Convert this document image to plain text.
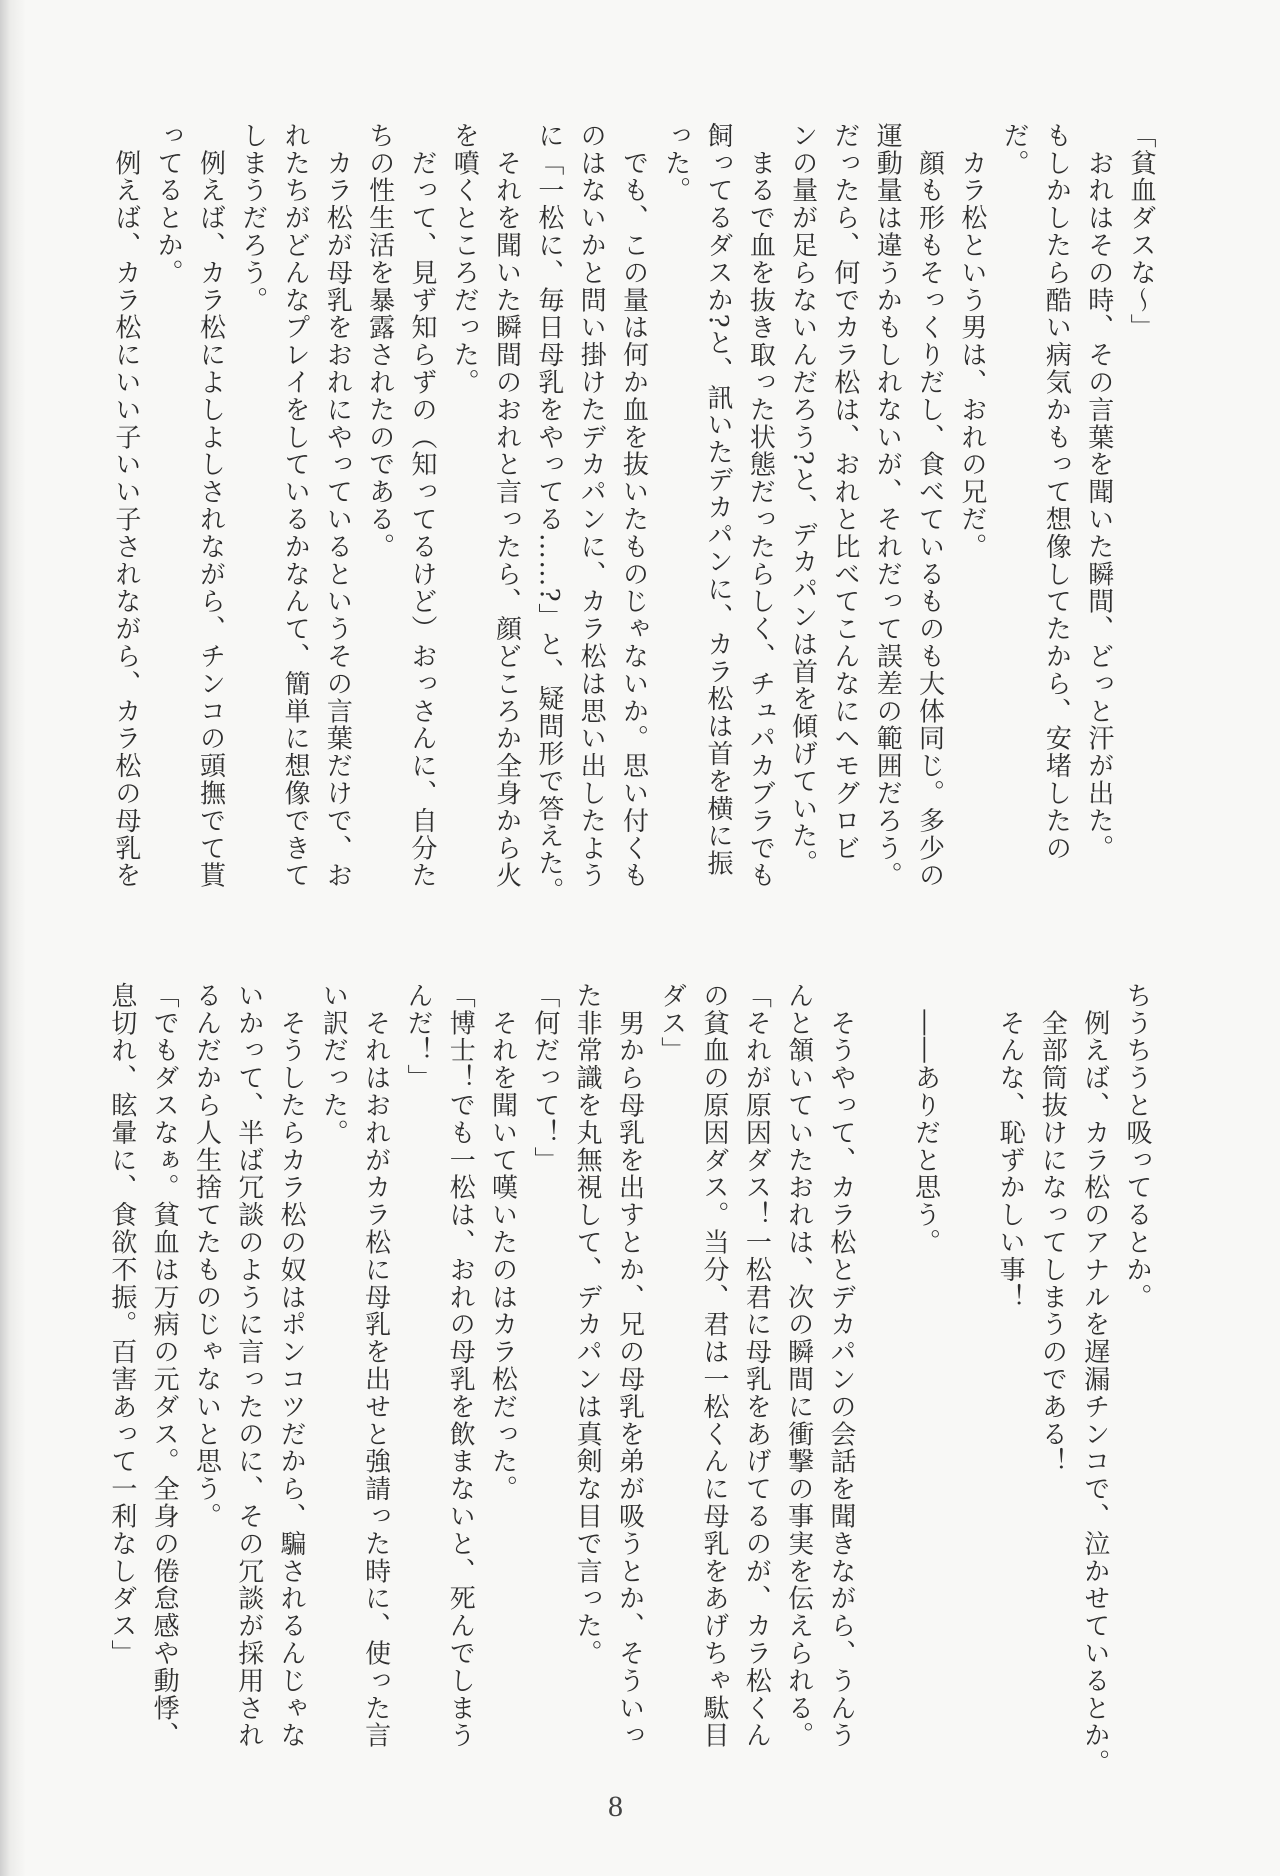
「貧血ダスな～」
　おれはその時、その言葉を聞いた瞬間、どっと汗が出た。
もしかしたら酷い病気かもって想像してたから、安堵したの
だ。
　カラ松という男は、おれの兄だ。
　顔も形もそっくりだし、食べているものも大体同じ。多少の
運動量は違うかもしれないが、それだって誤差の範囲だろう。
だったら、何でカラ松は、おれと比べてこんなにヘモグロビ
ンの量が足らないんだろう?と、デカパンは首を傾げていた。
　まるで血を抜き取った状態だったらしく、チュパカブラでも
飼ってるダスか?と、訊いたデカパンに、カラ松は首を横に振
った。
　でも、この量は何か血を抜いたものじゃないか。思い付くも
のはないかと問い掛けたデカパンに、カラ松は思い出したよう
に「一松に、毎日母乳をやってる……?」と、疑問形で答えた。
　それを聞いた瞬間のおれと言ったら、顔どころか全身から火
を噴くところだった。
　だって、見ず知らずの（知ってるけど）おっさんに、自分た
ちの性生活を暴露されたのである。
　カラ松が母乳をおれにやっているというその言葉だけで、お
れたちがどんなプレイをしているかなんて、簡単に想像できて
しまうだろう。
　例えば、カラ松によしよしされながら、チンコの頭撫でて貰
ってるとか。
　例えば、カラ松にいい子いい子されながら、カラ松の母乳を
ちうちうと吸ってるとか。
　例えば、カラ松のアナルを遅漏チンコで、泣かせているとか。
　全部筒抜けになってしまうのである！
　そんな、恥ずかしい事！
　――ありだと思う。
　そうやって、カラ松とデカパンの会話を聞きながら、うんう
んと頷いていたおれは、次の瞬間に衝撃の事実を伝えられる。
「それが原因ダス！一松君に母乳をあげてるのが、カラ松くん
の貧血の原因ダス。当分、君は一松くんに母乳をあげちゃ駄目
ダス」
　男から母乳を出すとか、兄の母乳を弟が吸うとか、そういっ
た非常識を丸無視して、デカパンは真剣な目で言った。
「何だって！」
　それを聞いて嘆いたのはカラ松だった。
「博士！でも一松は、おれの母乳を飲まないと、死んでしまう
んだ！」
　それはおれがカラ松に母乳を出せと強請った時に、使った言
い訳だった。
　そうしたらカラ松の奴はポンコツだから、騙されるんじゃな
いかって、半ば冗談のように言ったのに、その冗談が採用され
るんだから人生捨てたものじゃないと思う。
「でもダスなぁ。貧血は万病の元ダス。全身の倦怠感や動悸、
息切れ、眩暈に、食欲不振。百害あって一利なしダス」
8
